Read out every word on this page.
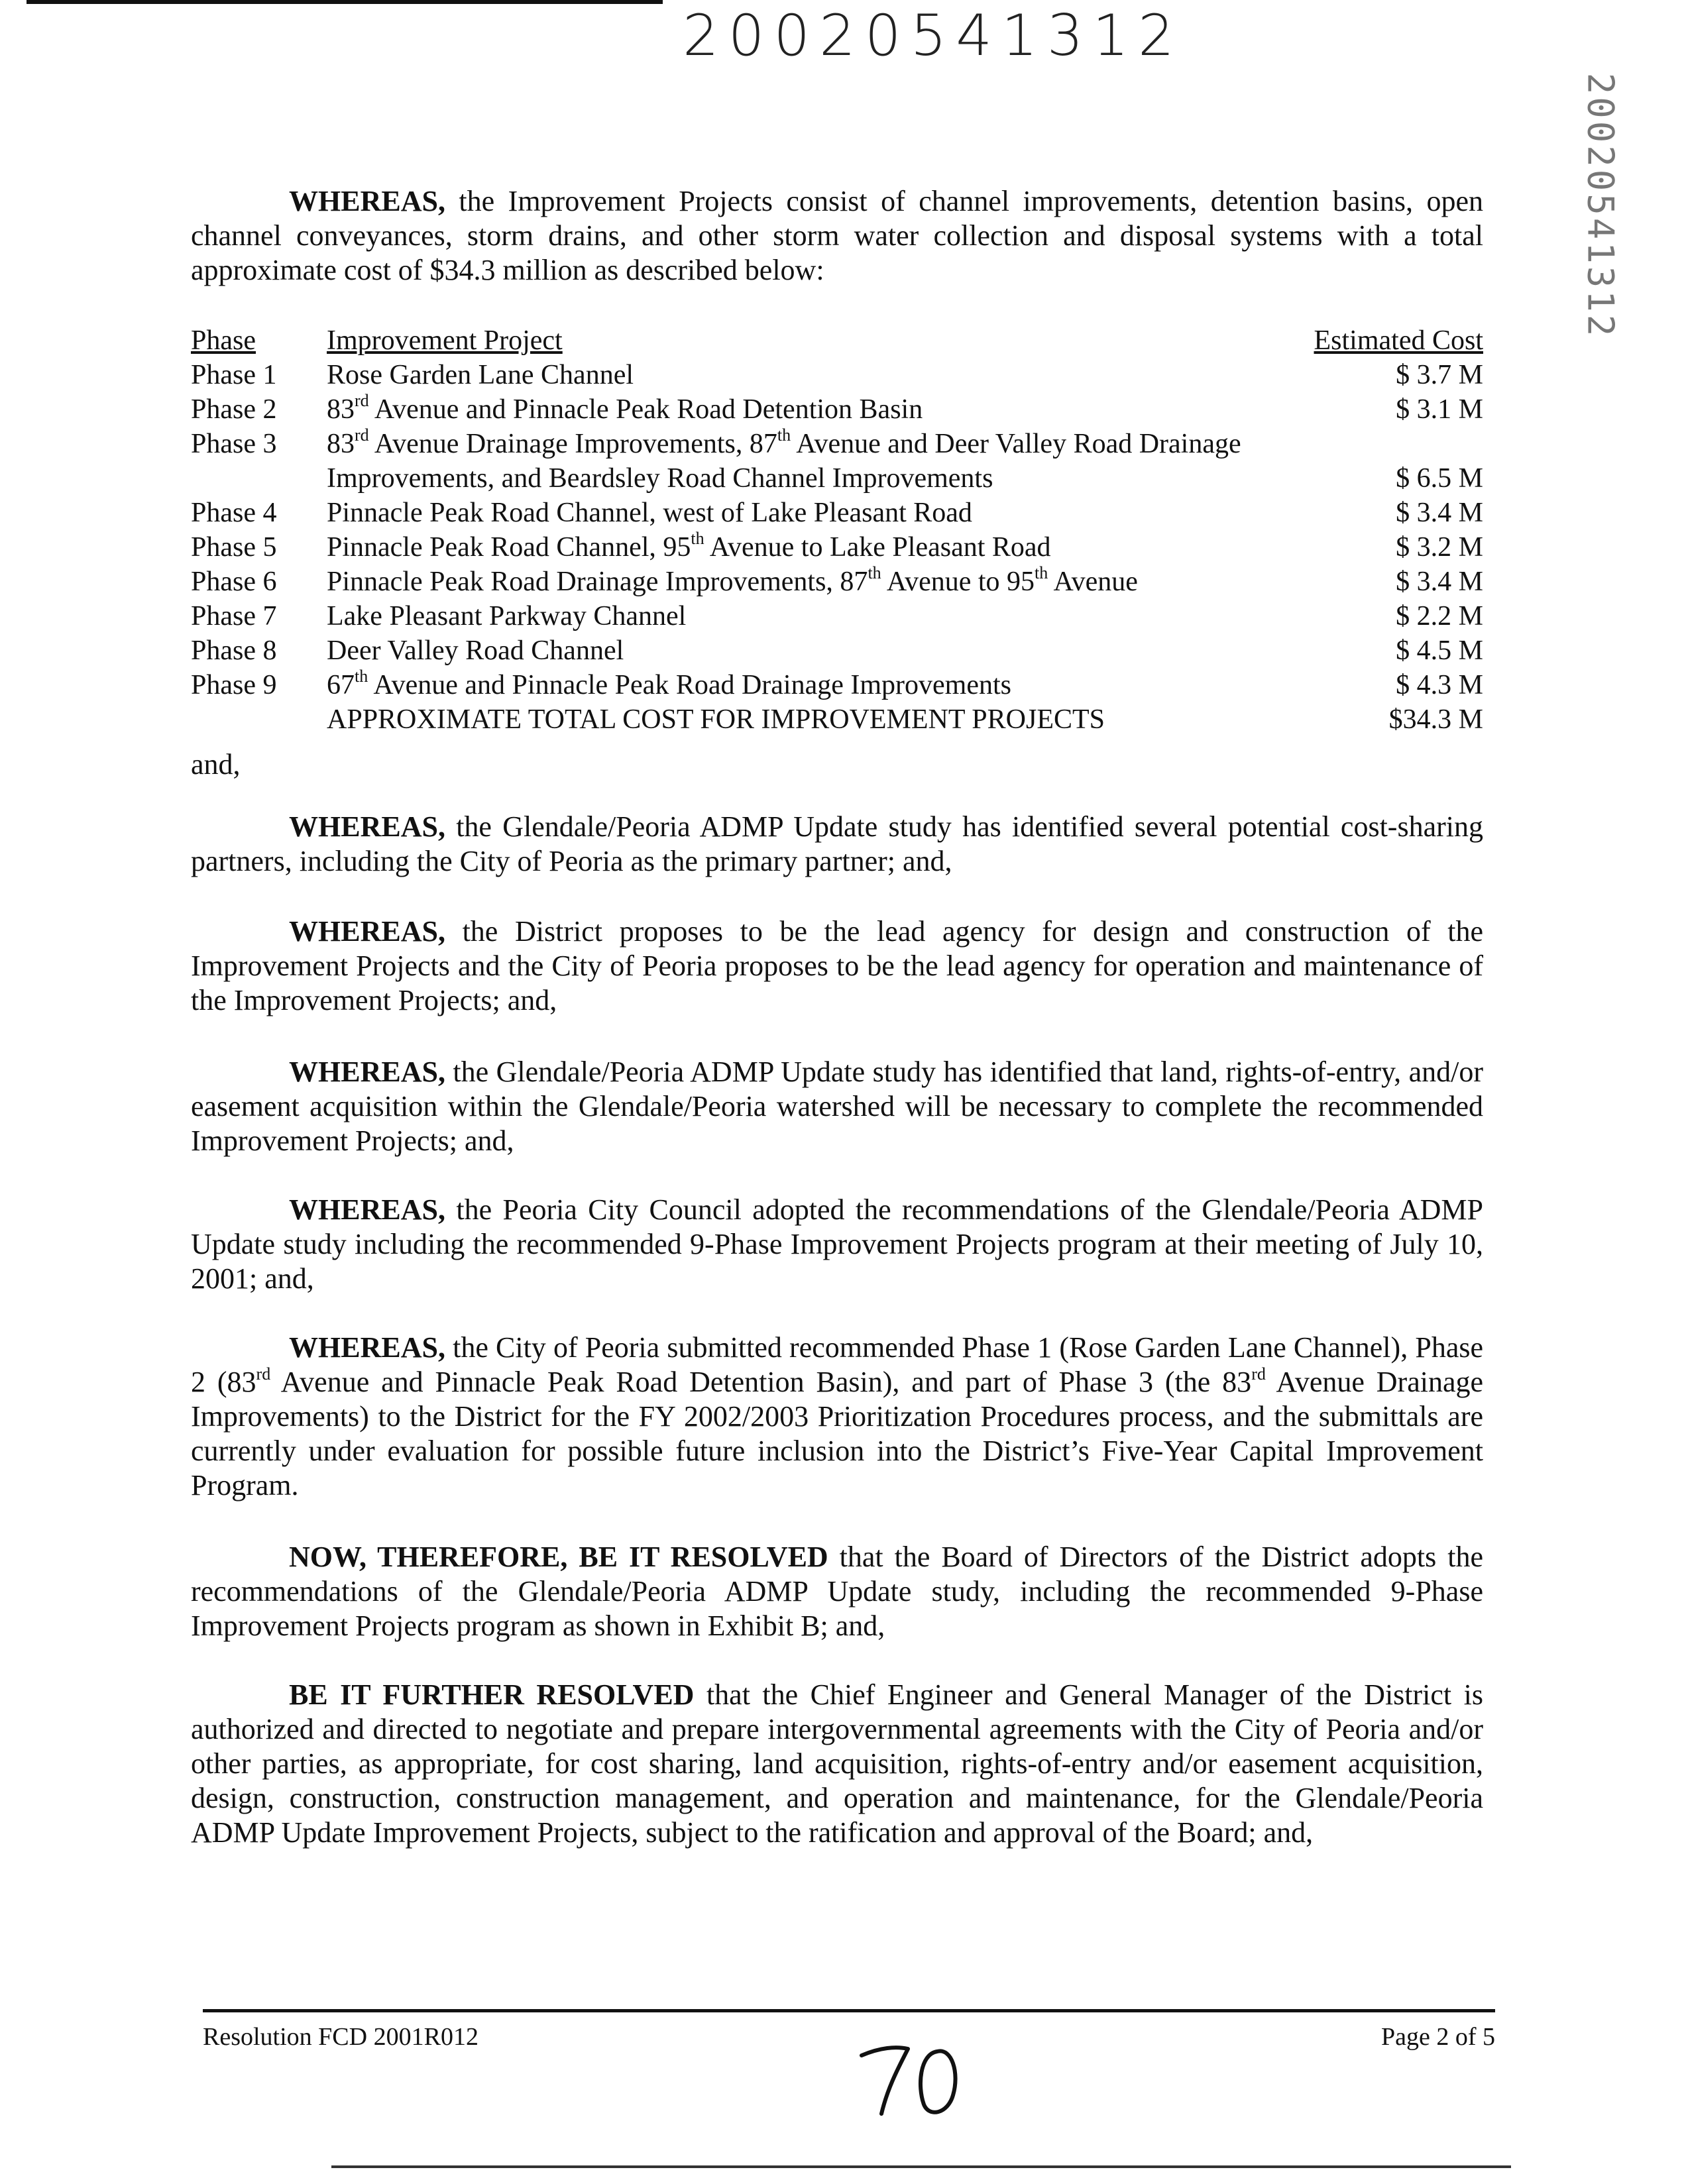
20020541312
20020541312

WHEREAS, the Improvement Projects consist of channel improvements, detention basins, open channel conveyances, storm drains, and other storm water collection and disposal systems with a total approximate cost of $34.3 million as described below:

Phase	Improvement Project	Estimated Cost
Phase 1	Rose Garden Lane Channel	$ 3.7 M
Phase 2	83rd Avenue and Pinnacle Peak Road Detention Basin	$ 3.1 M
Phase 3	83rd Avenue Drainage Improvements, 87th Avenue and Deer Valley Road Drainage
Improvements, and Beardsley Road Channel Improvements	$ 6.5 M
Phase 4	Pinnacle Peak Road Channel, west of Lake Pleasant Road	$ 3.4 M
Phase 5	Pinnacle Peak Road Channel, 95th Avenue to Lake Pleasant Road	$ 3.2 M
Phase 6	Pinnacle Peak Road Drainage Improvements, 87th Avenue to 95th Avenue	$ 3.4 M
Phase 7	Lake Pleasant Parkway Channel	$ 2.2 M
Phase 8	Deer Valley Road Channel	$ 4.5 M
Phase 9	67th Avenue and Pinnacle Peak Road Drainage Improvements	$ 4.3 M
APPROXIMATE TOTAL COST FOR IMPROVEMENT PROJECTS	$34.3 M
and,

WHEREAS, the Glendale/Peoria ADMP Update study has identified several potential cost-sharing partners, including the City of Peoria as the primary partner; and,

WHEREAS, the District proposes to be the lead agency for design and construction of the Improvement Projects and the City of Peoria proposes to be the lead agency for operation and maintenance of the Improvement Projects; and,

WHEREAS, the Glendale/Peoria ADMP Update study has identified that land, rights-of-entry, and/or easement acquisition within the Glendale/Peoria watershed will be necessary to complete the recommended Improvement Projects; and,

WHEREAS, the Peoria City Council adopted the recommendations of the Glendale/Peoria ADMP Update study including the recommended 9-Phase Improvement Projects program at their meeting of July 10, 2001; and,

WHEREAS, the City of Peoria submitted recommended Phase 1 (Rose Garden Lane Channel), Phase 2 (83rd Avenue and Pinnacle Peak Road Detention Basin), and part of Phase 3 (the 83rd Avenue Drainage Improvements) to the District for the FY 2002/2003 Prioritization Procedures process, and the submittals are currently under evaluation for possible future inclusion into the District’s Five-Year Capital Improvement Program.

NOW, THEREFORE, BE IT RESOLVED that the Board of Directors of the District adopts the recommendations of the Glendale/Peoria ADMP Update study, including the recommended 9-Phase Improvement Projects program as shown in Exhibit B; and,

BE IT FURTHER RESOLVED that the Chief Engineer and General Manager of the District is authorized and directed to negotiate and prepare intergovernmental agreements with the City of Peoria and/or other parties, as appropriate, for cost sharing, land acquisition, rights-of-entry and/or easement acquisition, design, construction, construction management, and operation and maintenance, for the Glendale/Peoria ADMP Update Improvement Projects, subject to the ratification and approval of the Board; and,

Resolution FCD 2001R012	Page 2 of 5
